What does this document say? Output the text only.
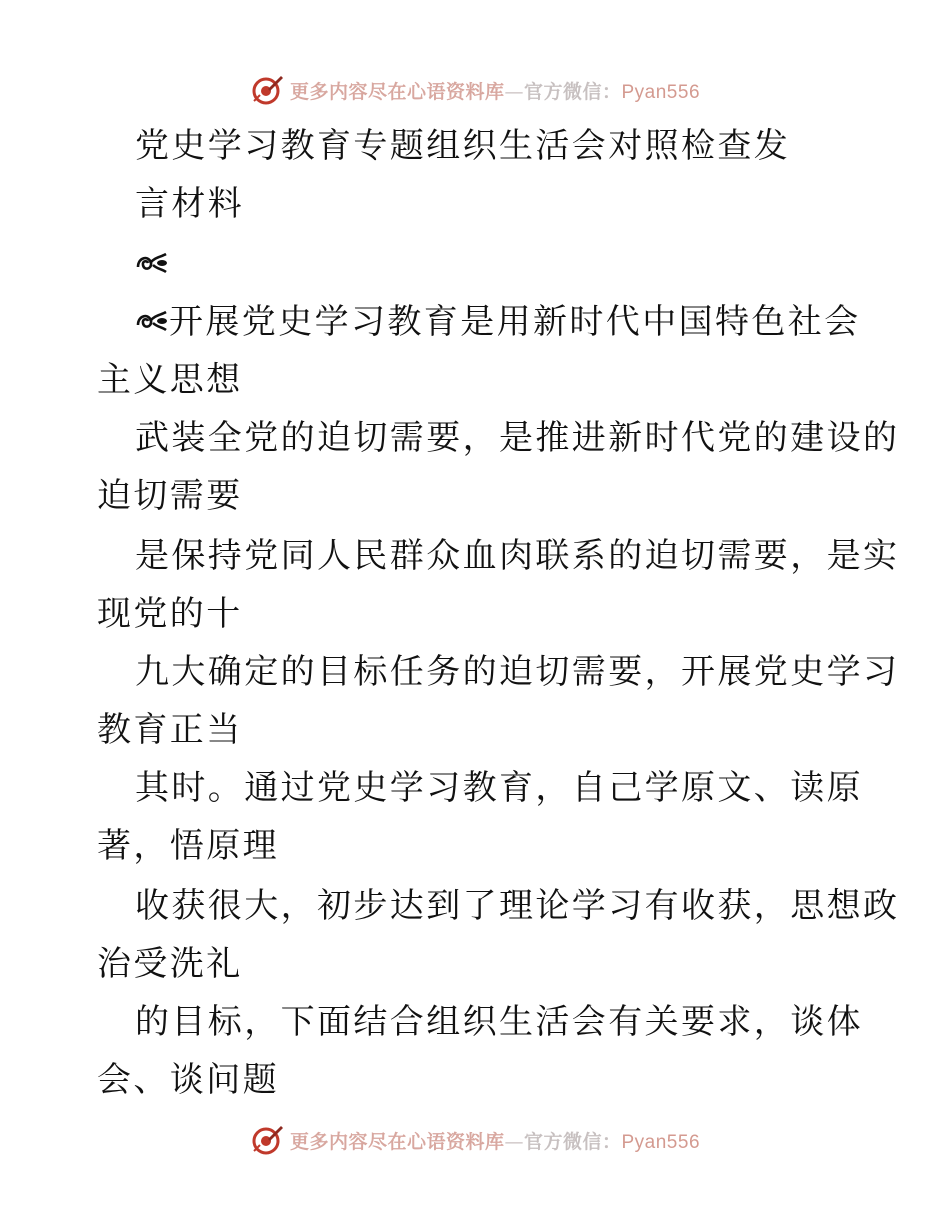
更多内容尽在心语资料库—官方微信：Pyan556
党史学习教育专题组织生活会对照检查发
言材料
开展党史学习教育是用新时代中国特色社会
主义思想
武装全党的迫切需要，是推进新时代党的建设的
迫切需要
是保持党同人民群众血肉联系的迫切需要，是实
现党的十
九大确定的目标任务的迫切需要，开展党史学习
教育正当
其时。通过党史学习教育，自己学原文、读原
著，悟原理
收获很大，初步达到了理论学习有收获，思想政
治受洗礼
的目标，下面结合组织生活会有关要求，谈体
会、谈问题
更多内容尽在心语资料库—官方微信：Pyan556
